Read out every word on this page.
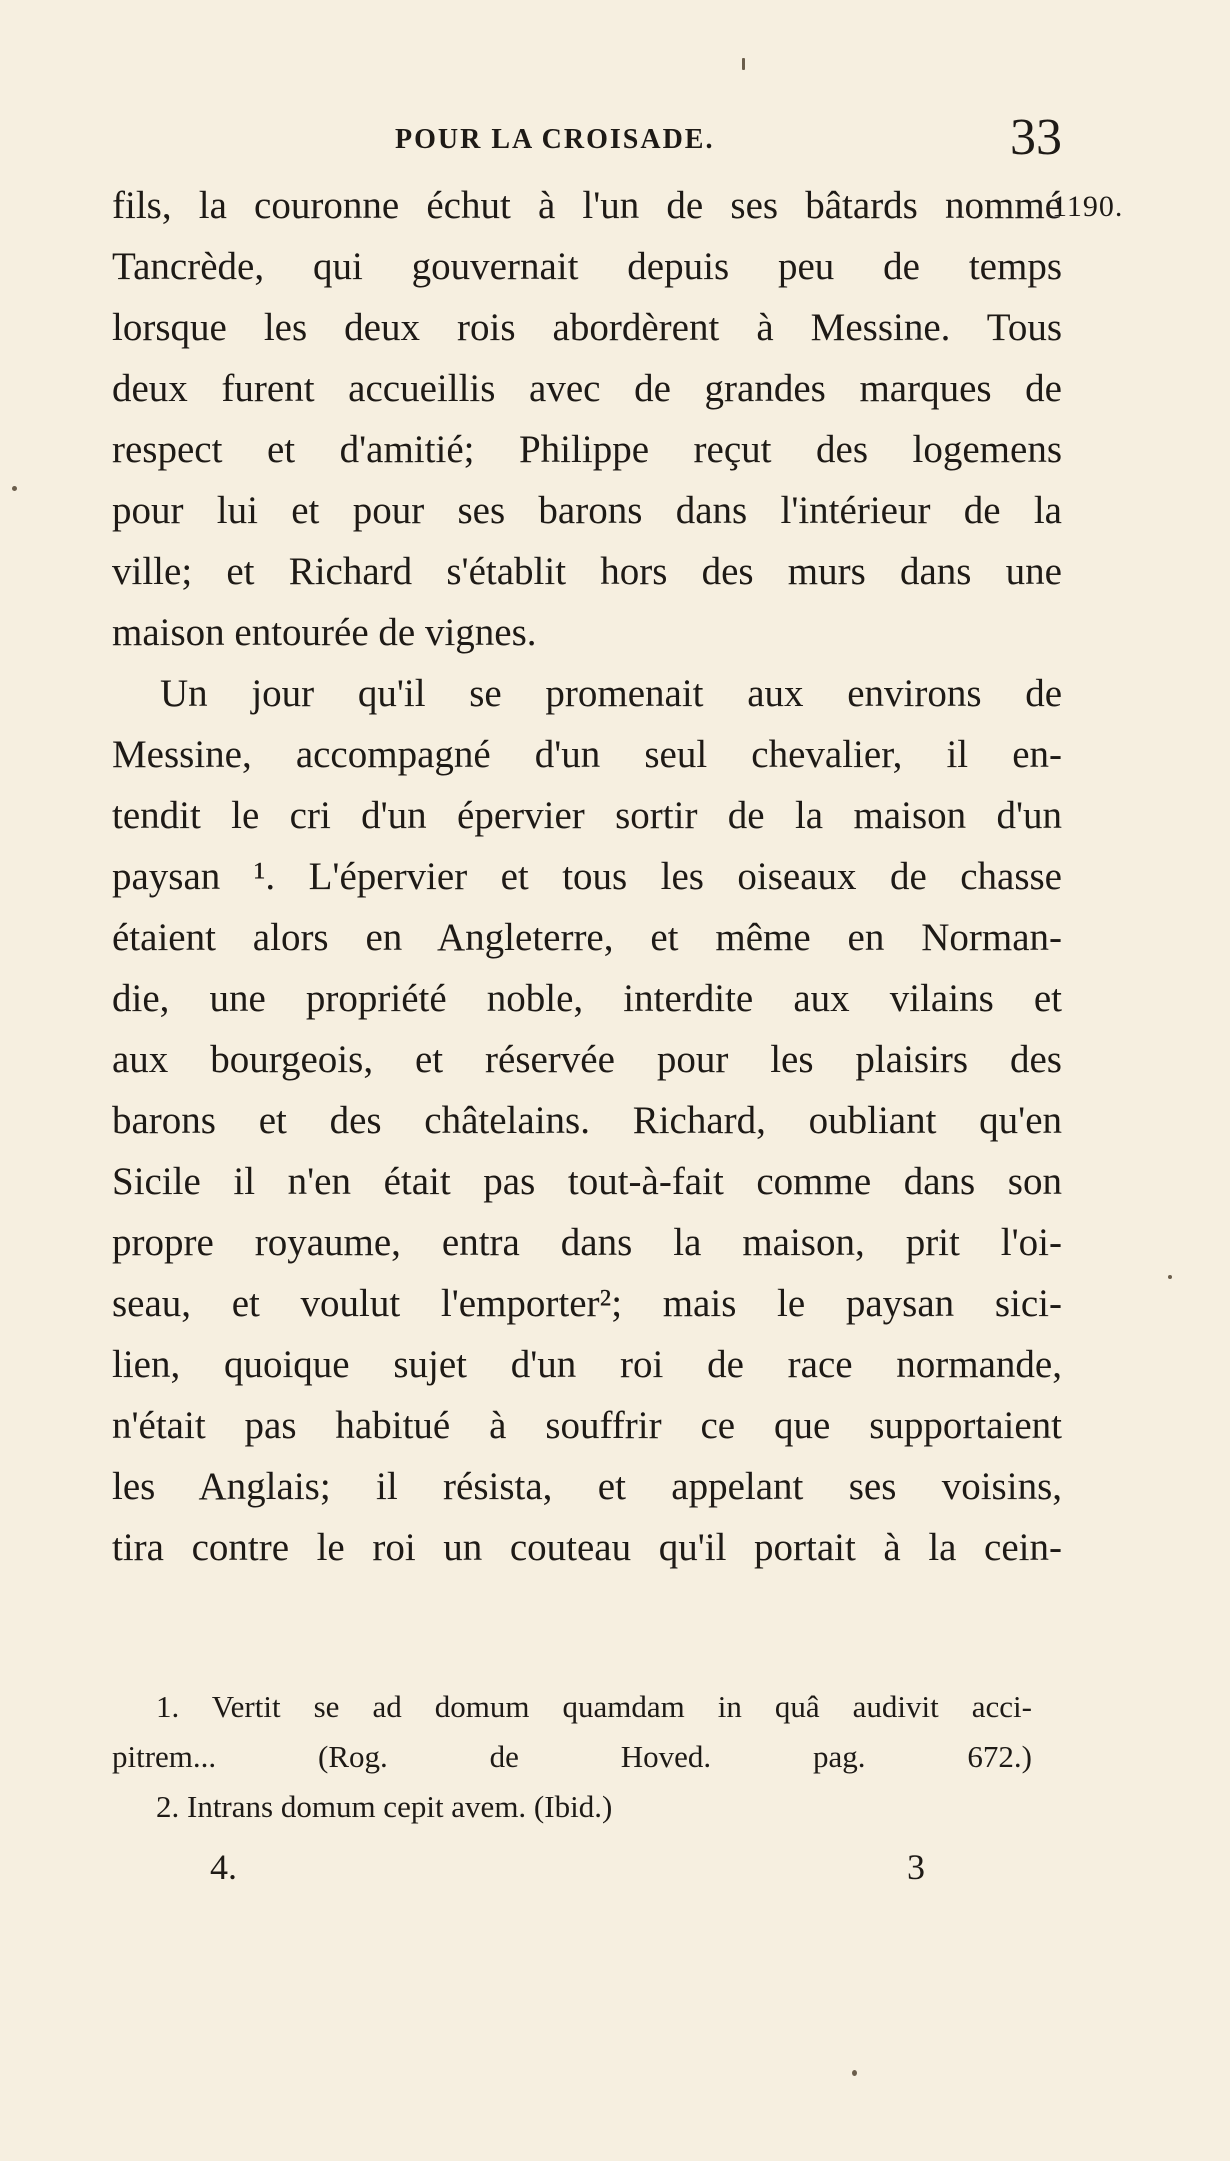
POUR LA CROISADE.	33
1190.
fils, la couronne échut à l'un de ses bâtards nommé
Tancrède, qui gouvernait depuis peu de temps
lorsque les deux rois abordèrent à Messine. Tous
deux furent accueillis avec de grandes marques de
respect et d'amitié; Philippe reçut des logemens
pour lui et pour ses barons dans l'intérieur de la
ville; et Richard s'établit hors des murs dans une
maison entourée de vignes.
Un jour qu'il se promenait aux environs de
Messine, accompagné d'un seul chevalier, il en-
tendit le cri d'un épervier sortir de la maison d'un
paysan ¹. L'épervier et tous les oiseaux de chasse
étaient alors en Angleterre, et même en Norman-
die, une propriété noble, interdite aux vilains et
aux bourgeois, et réservée pour les plaisirs des
barons et des châtelains. Richard, oubliant qu'en
Sicile il n'en était pas tout-à-fait comme dans son
propre royaume, entra dans la maison, prit l'oi-
seau, et voulut l'emporter²; mais le paysan sici-
lien, quoique sujet d'un roi de race normande,
n'était pas habitué à souffrir ce que supportaient
les Anglais; il résista, et appelant ses voisins,
tira contre le roi un couteau qu'il portait à la cein-
1. Vertit se ad domum quamdam in quâ audivit acci-
pitrem... (Rog. de Hoved. pag. 672.)
2. Intrans domum cepit avem. (Ibid.)
4.	3
